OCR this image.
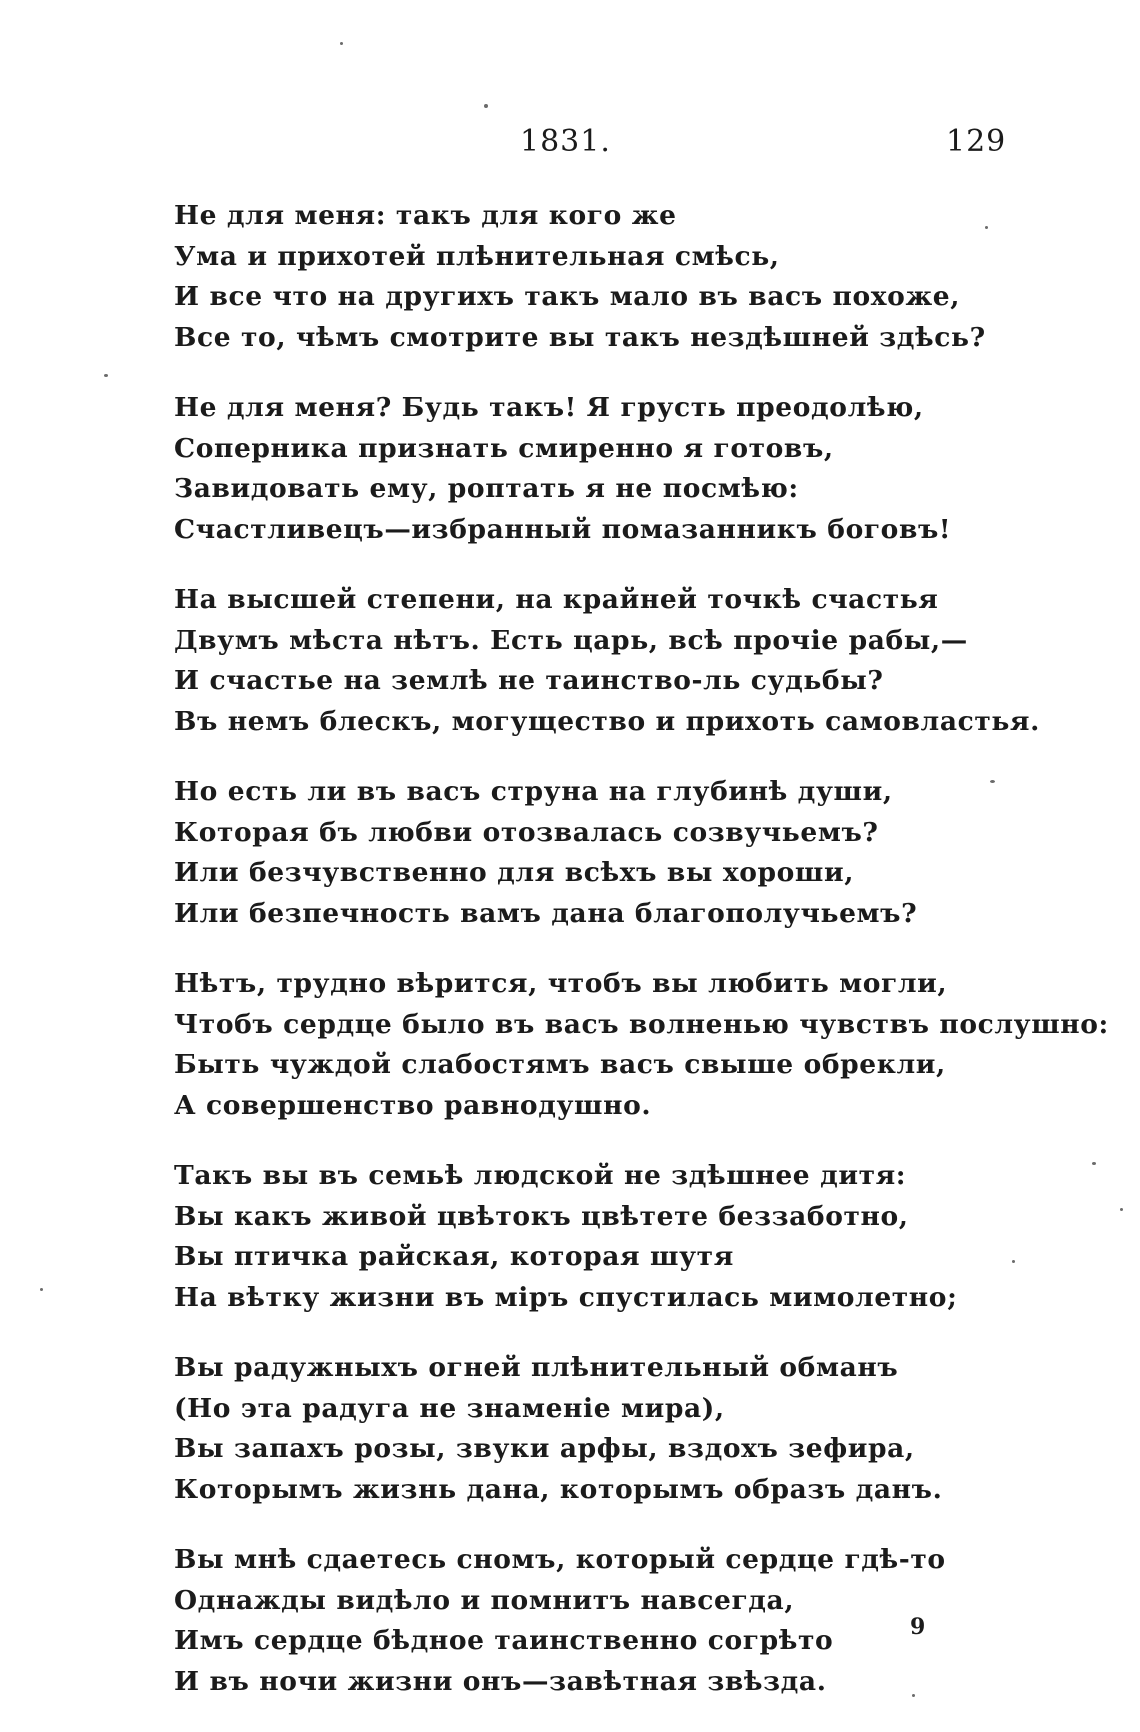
1831.	129
Не для меня: такъ для кого же
Ума и прихотей плѣнительная смѣсь,
И все что на другихъ такъ мало въ васъ похоже,
Все то, чѣмъ смотрите вы такъ нездѣшней здѣсь?
Не для меня? Будь такъ! Я грусть преодолѣю,
Соперника признать смиренно я готовъ,
Завидовать ему, роптать я не посмѣю:
Счастливецъ—избранный помазанникъ боговъ!
На высшей степени, на крайней точкѣ счастья
Двумъ мѣста нѣтъ. Есть царь, всѣ прочіе рабы,—
И счастье на землѣ не таинство-ль судьбы?
Въ немъ блескъ, могущество и прихоть самовластья.
Но есть ли въ васъ струна на глубинѣ души,
Которая бъ любви отозвалась созвучьемъ?
Или безчувственно для всѣхъ вы хороши,
Или безпечность вамъ дана благополучьемъ?
Нѣтъ, трудно вѣрится, чтобъ вы любить могли,
Чтобъ сердце было въ васъ волненью чувствъ послушно:
Быть чуждой слабостямъ васъ свыше обрекли,
А совершенство равнодушно.
Такъ вы въ семьѣ людской не здѣшнее дитя:
Вы какъ живой цвѣтокъ цвѣтете беззаботно,
Вы птичка райская, которая шутя
На вѣтку жизни въ міръ спустилась мимолетно;
Вы радужныхъ огней плѣнительный обманъ
(Но эта радуга не знаменіе мира),
Вы запахъ розы, звуки арфы, вздохъ зефира,
Которымъ жизнь дана, которымъ образъ данъ.
Вы мнѣ сдаетесь сномъ, который сердце гдѣ-то
Однажды видѣло и помнитъ навсегда,
Имъ сердце бѣдное таинственно согрѣто
И въ ночи жизни онъ—завѣтная звѣзда.
9
